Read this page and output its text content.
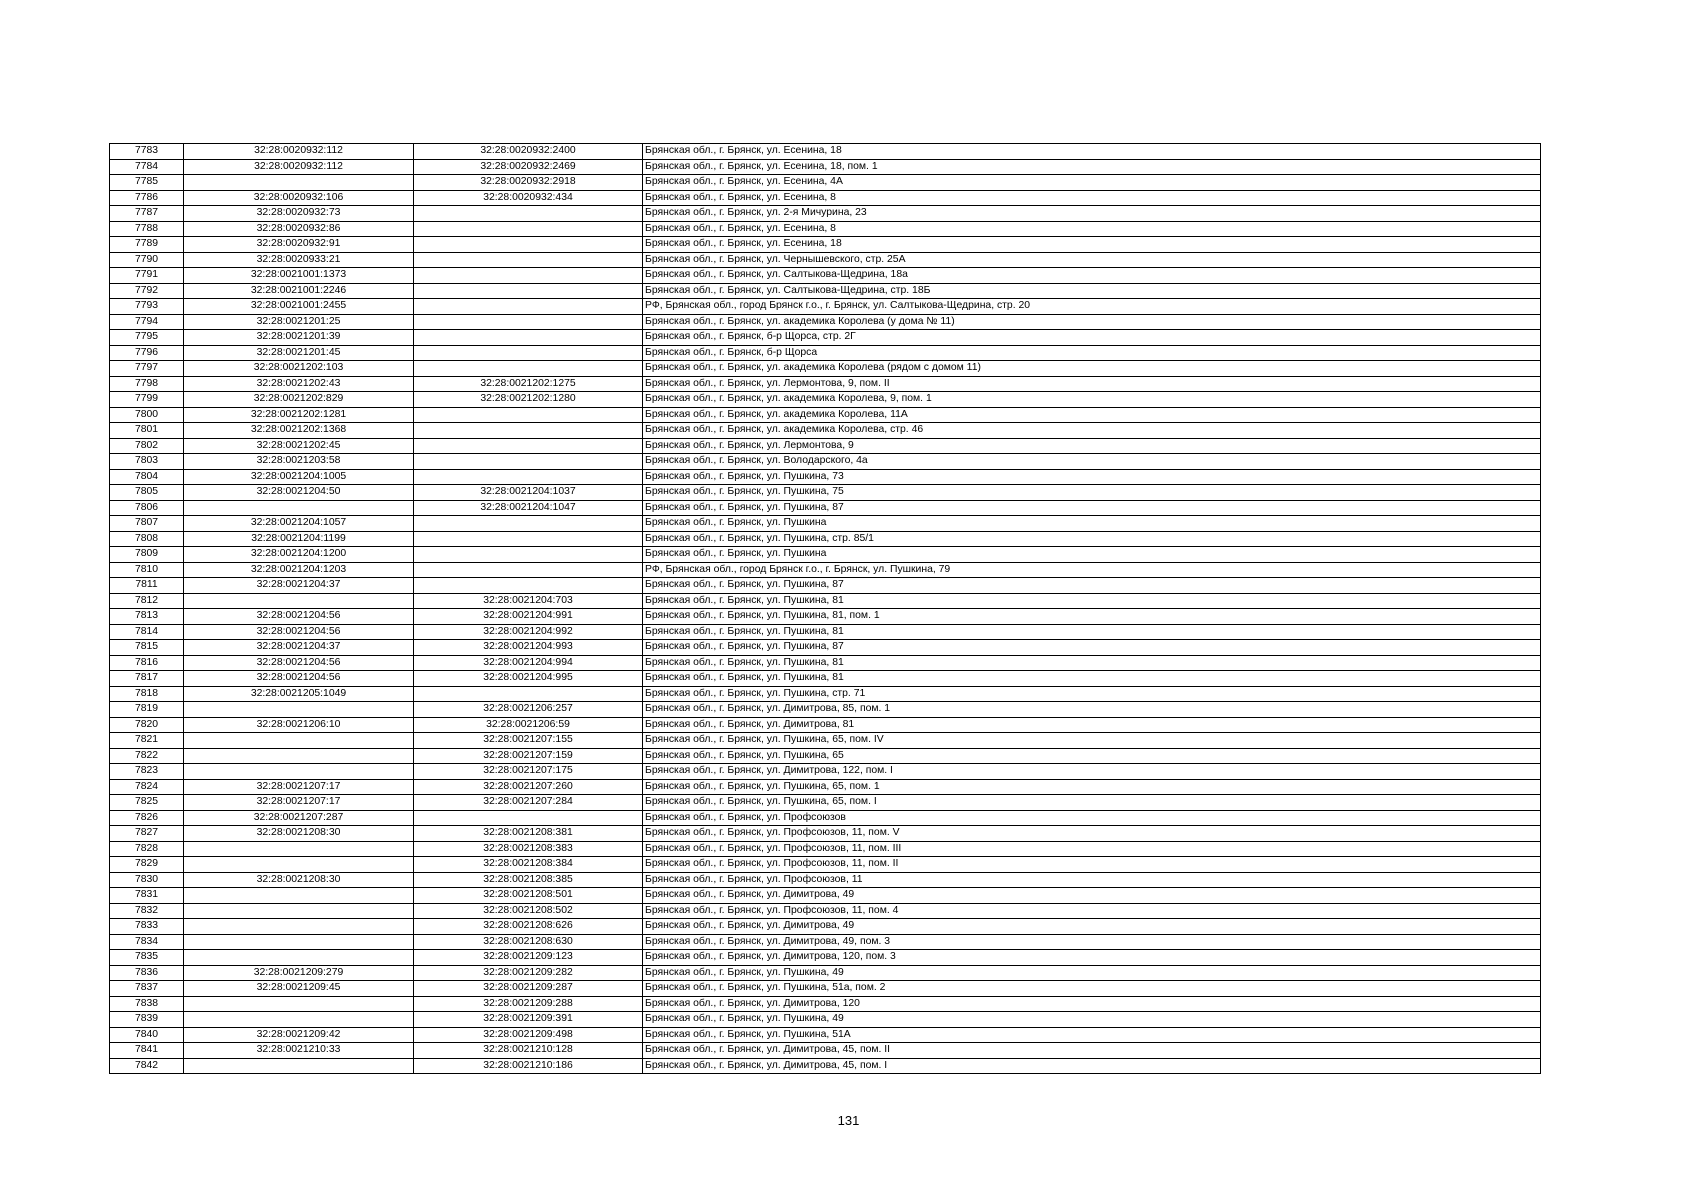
7783	32:28:0020932:112	32:28:0020932:2400	Брянская обл., г. Брянск, ул. Есенина, 18
7784	32:28:0020932:112	32:28:0020932:2469	Брянская обл., г. Брянск, ул. Есенина, 18, пом. 1
7785		32:28:0020932:2918	Брянская обл., г. Брянск, ул. Есенина, 4А
7786	32:28:0020932:106	32:28:0020932:434	Брянская обл., г. Брянск, ул. Есенина, 8
7787	32:28:0020932:73		Брянская обл., г. Брянск, ул. 2-я Мичурина, 23
7788	32:28:0020932:86		Брянская обл., г. Брянск, ул. Есенина, 8
7789	32:28:0020932:91		Брянская обл., г. Брянск, ул. Есенина, 18
7790	32:28:0020933:21		Брянская обл., г. Брянск, ул. Чернышевского, стр. 25А
7791	32:28:0021001:1373		Брянская обл., г. Брянск, ул. Салтыкова-Щедрина, 18а
7792	32:28:0021001:2246		Брянская обл., г. Брянск, ул. Салтыкова-Щедрина, стр. 18Б
7793	32:28:0021001:2455		РФ, Брянская обл., город Брянск г.о., г. Брянск, ул. Салтыкова-Щедрина, стр. 20
7794	32:28:0021201:25		Брянская обл., г. Брянск, ул. академика Королева (у дома № 11)
7795	32:28:0021201:39		Брянская обл., г. Брянск, б-р Щорса, стр. 2Г
7796	32:28:0021201:45		Брянская обл., г. Брянск, б-р Щорса
7797	32:28:0021202:103		Брянская обл., г. Брянск, ул. академика Королева (рядом с домом 11)
7798	32:28:0021202:43	32:28:0021202:1275	Брянская обл., г. Брянск, ул. Лермонтова, 9, пом. II
7799	32:28:0021202:829	32:28:0021202:1280	Брянская обл., г. Брянск, ул. академика Королева, 9, пом. 1
7800	32:28:0021202:1281		Брянская обл., г. Брянск, ул. академика Королева, 11А
7801	32:28:0021202:1368		Брянская обл., г. Брянск, ул. академика Королева, стр. 46
7802	32:28:0021202:45		Брянская обл., г. Брянск, ул. Лермонтова, 9
7803	32:28:0021203:58		Брянская обл., г. Брянск, ул. Володарского, 4а
7804	32:28:0021204:1005		Брянская обл., г. Брянск, ул. Пушкина, 73
7805	32:28:0021204:50	32:28:0021204:1037	Брянская обл., г. Брянск, ул. Пушкина, 75
7806		32:28:0021204:1047	Брянская обл., г. Брянск, ул. Пушкина, 87
7807	32:28:0021204:1057		Брянская обл., г. Брянск, ул. Пушкина
7808	32:28:0021204:1199		Брянская обл., г. Брянск, ул. Пушкина, стр. 85/1
7809	32:28:0021204:1200		Брянская обл., г. Брянск, ул. Пушкина
7810	32:28:0021204:1203		РФ, Брянская обл., город Брянск г.о., г. Брянск, ул. Пушкина, 79
7811	32:28:0021204:37		Брянская обл., г. Брянск, ул. Пушкина, 87
7812		32:28:0021204:703	Брянская обл., г. Брянск, ул. Пушкина, 81
7813	32:28:0021204:56	32:28:0021204:991	Брянская обл., г. Брянск, ул. Пушкина, 81, пом. 1
7814	32:28:0021204:56	32:28:0021204:992	Брянская обл., г. Брянск, ул. Пушкина, 81
7815	32:28:0021204:37	32:28:0021204:993	Брянская обл., г. Брянск, ул. Пушкина, 87
7816	32:28:0021204:56	32:28:0021204:994	Брянская обл., г. Брянск, ул. Пушкина, 81
7817	32:28:0021204:56	32:28:0021204:995	Брянская обл., г. Брянск, ул. Пушкина, 81
7818	32:28:0021205:1049		Брянская обл., г. Брянск, ул. Пушкина, стр. 71
7819		32:28:0021206:257	Брянская обл., г. Брянск, ул. Димитрова, 85, пом. 1
7820	32:28:0021206:10	32:28:0021206:59	Брянская обл., г. Брянск, ул. Димитрова, 81
7821		32:28:0021207:155	Брянская обл., г. Брянск, ул. Пушкина, 65, пом. IV
7822		32:28:0021207:159	Брянская обл., г. Брянск, ул. Пушкина, 65
7823		32:28:0021207:175	Брянская обл., г. Брянск, ул. Димитрова, 122, пом. I
7824	32:28:0021207:17	32:28:0021207:260	Брянская обл., г. Брянск, ул. Пушкина, 65, пом. 1
7825	32:28:0021207:17	32:28:0021207:284	Брянская обл., г. Брянск, ул. Пушкина, 65, пом. I
7826	32:28:0021207:287		Брянская обл., г. Брянск, ул. Профсоюзов
7827	32:28:0021208:30	32:28:0021208:381	Брянская обл., г. Брянск, ул. Профсоюзов, 11, пом. V
7828		32:28:0021208:383	Брянская обл., г. Брянск, ул. Профсоюзов, 11, пом. III
7829		32:28:0021208:384	Брянская обл., г. Брянск, ул. Профсоюзов, 11, пом. II
7830	32:28:0021208:30	32:28:0021208:385	Брянская обл., г. Брянск, ул. Профсоюзов, 11
7831		32:28:0021208:501	Брянская обл., г. Брянск, ул. Димитрова, 49
7832		32:28:0021208:502	Брянская обл., г. Брянск, ул. Профсоюзов, 11, пом. 4
7833		32:28:0021208:626	Брянская обл., г. Брянск, ул. Димитрова, 49
7834		32:28:0021208:630	Брянская обл., г. Брянск, ул. Димитрова, 49, пом. 3
7835		32:28:0021209:123	Брянская обл., г. Брянск, ул. Димитрова, 120, пом. 3
7836	32:28:0021209:279	32:28:0021209:282	Брянская обл., г. Брянск, ул. Пушкина, 49
7837	32:28:0021209:45	32:28:0021209:287	Брянская обл., г. Брянск, ул. Пушкина, 51а, пом. 2
7838		32:28:0021209:288	Брянская обл., г. Брянск, ул. Димитрова, 120
7839		32:28:0021209:391	Брянская обл., г. Брянск, ул. Пушкина, 49
7840	32:28:0021209:42	32:28:0021209:498	Брянская обл., г. Брянск, ул. Пушкина, 51А
7841	32:28:0021210:33	32:28:0021210:128	Брянская обл., г. Брянск, ул. Димитрова, 45, пом. II
7842		32:28:0021210:186	Брянская обл., г. Брянск, ул. Димитрова, 45, пом. I
131
